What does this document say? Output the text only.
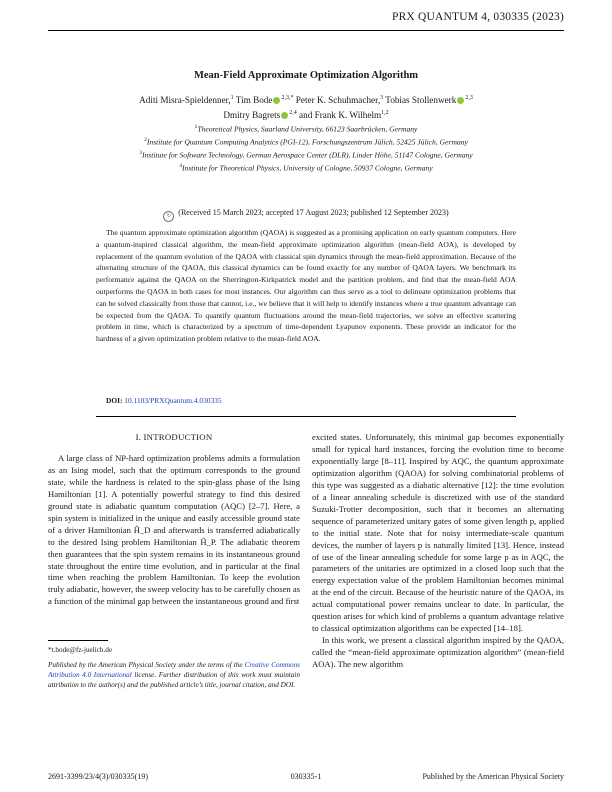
PRX QUANTUM 4, 030335 (2023)
Mean-Field Approximate Optimization Algorithm
Aditi Misra-Spieldenner,$^1$ Tim Bode $^{2,3,*}$ Peter K. Schuhmacher,$^3$ Tobias Stollenwerk $^{2,3}$
Dmitry Bagrets $^{2,4}$ and Frank K. Wilhelm$^{1,2}$
$^1$Theoretical Physics, Saarland University, 66123 Saarbrücken, Germany
$^2$Institute for Quantum Computing Analytics (PGI-12), Forschungszentrum Jülich, 52425 Jülich, Germany
$^3$Institute for Software Technology, German Aerospace Center (DLR), Linder Höhe, 51147 Cologne, Germany
$^4$Institute for Theoretical Physics, University of Cologne, 50937 Cologne, Germany
↻ (Received 15 March 2023; accepted 17 August 2023; published 12 September 2023)
The quantum approximate optimization algorithm (QAOA) is suggested as a promising application on early quantum computers. Here a quantum-inspired classical algorithm, the mean-field approximate optimization algorithm (mean-field AOA), is developed by replacement of the quantum evolution of the QAOA with classical spin dynamics through the mean-field approximation. Because of the alternating structure of the QAOA, this classical dynamics can be found exactly for any number of QAOA layers. We benchmark its performance against the QAOA on the Sherrington-Kirkpatrick model and the partition problem, and find that the mean-field AOA outperforms the QAOA in both cases for most instances. Our algorithm can thus serve as a tool to delineate optimization problems that can be solved classically from those that cannot, i.e., we believe that it will help to identify instances where a true quantum advantage can be expected from the QAOA. To quantify quantum fluctuations around the mean-field trajectories, we solve an effective scattering problem in time, which is characterized by a spectrum of time-dependent Lyapunov exponents. These provide an indicator for the hardness of a given optimization problem relative to the mean-field AOA.
DOI: 10.1103/PRXQuantum.4.030335
I. INTRODUCTION

A large class of NP-hard optimization problems admits a formulation as an Ising model, such that the optimum corresponds to the ground state, while the hardness is related to the spin-glass phase of the Ising Hamiltonian [1]. A potentially powerful strategy to find this desired ground state is adiabatic quantum computation (AQC) [2–7]. Here, a spin system is initialized in the unique and easily accessible ground state of a driver Hamiltonian Ĥ_D and afterwards is transferred adiabatically to the desired Ising problem Hamiltonian Ĥ_P. The adiabatic theorem then guarantees that the spin system remains in its instantaneous ground state throughout the entire time evolution, and in particular at the final time when reaching the problem Hamiltonian. To keep the evolution truly adiabatic, however, the sweep velocity has to be carefully chosen as a function of the minimal gap between the instantaneous ground and first

excited states. Unfortunately, this minimal gap becomes exponentially small for typical hard instances, forcing the evolution time to become exponentially large [8–11]. Inspired by AQC, the quantum approximate optimization algorithm (QAOA) for solving combinatorial problems of this type was suggested as a diabatic alternative [12]: the time evolution of a linear annealing schedule is discretized with use of the standard Suzuki-Trotter decomposition, such that it becomes an alternating sequence of parameterized unitary gates of some given length p, applied to the initial state. Note that for noisy intermediate-scale quantum devices, the number of layers p is naturally limited [13]. Hence, instead of use of the linear annealing schedule for some large p as in AQC, the parameters of the unitaries are optimized in a closed loop such that the energy expectation value of the problem Hamiltonian becomes minimal at the end of the circuit. Because of the heuristic nature of the QAOA, its actual computational power remains unclear to date. In particular, the question arises for which kind of problems a quantum advantage relative to classical optimization algorithms can be expected [14–18].

In this work, we present a classical algorithm inspired by the QAOA, called the “mean-field approximate optimization algorithm” (mean-field AOA). The new algorithm

*t.bode@fz-juelich.de
Published by the American Physical Society under the terms of the Creative Commons Attribution 4.0 International license. Further distribution of this work must maintain attribution to the author(s) and the published article’s title, journal citation, and DOI.
2691-3399/23/4(3)/030335(19)	030335-1	Published by the American Physical Society
